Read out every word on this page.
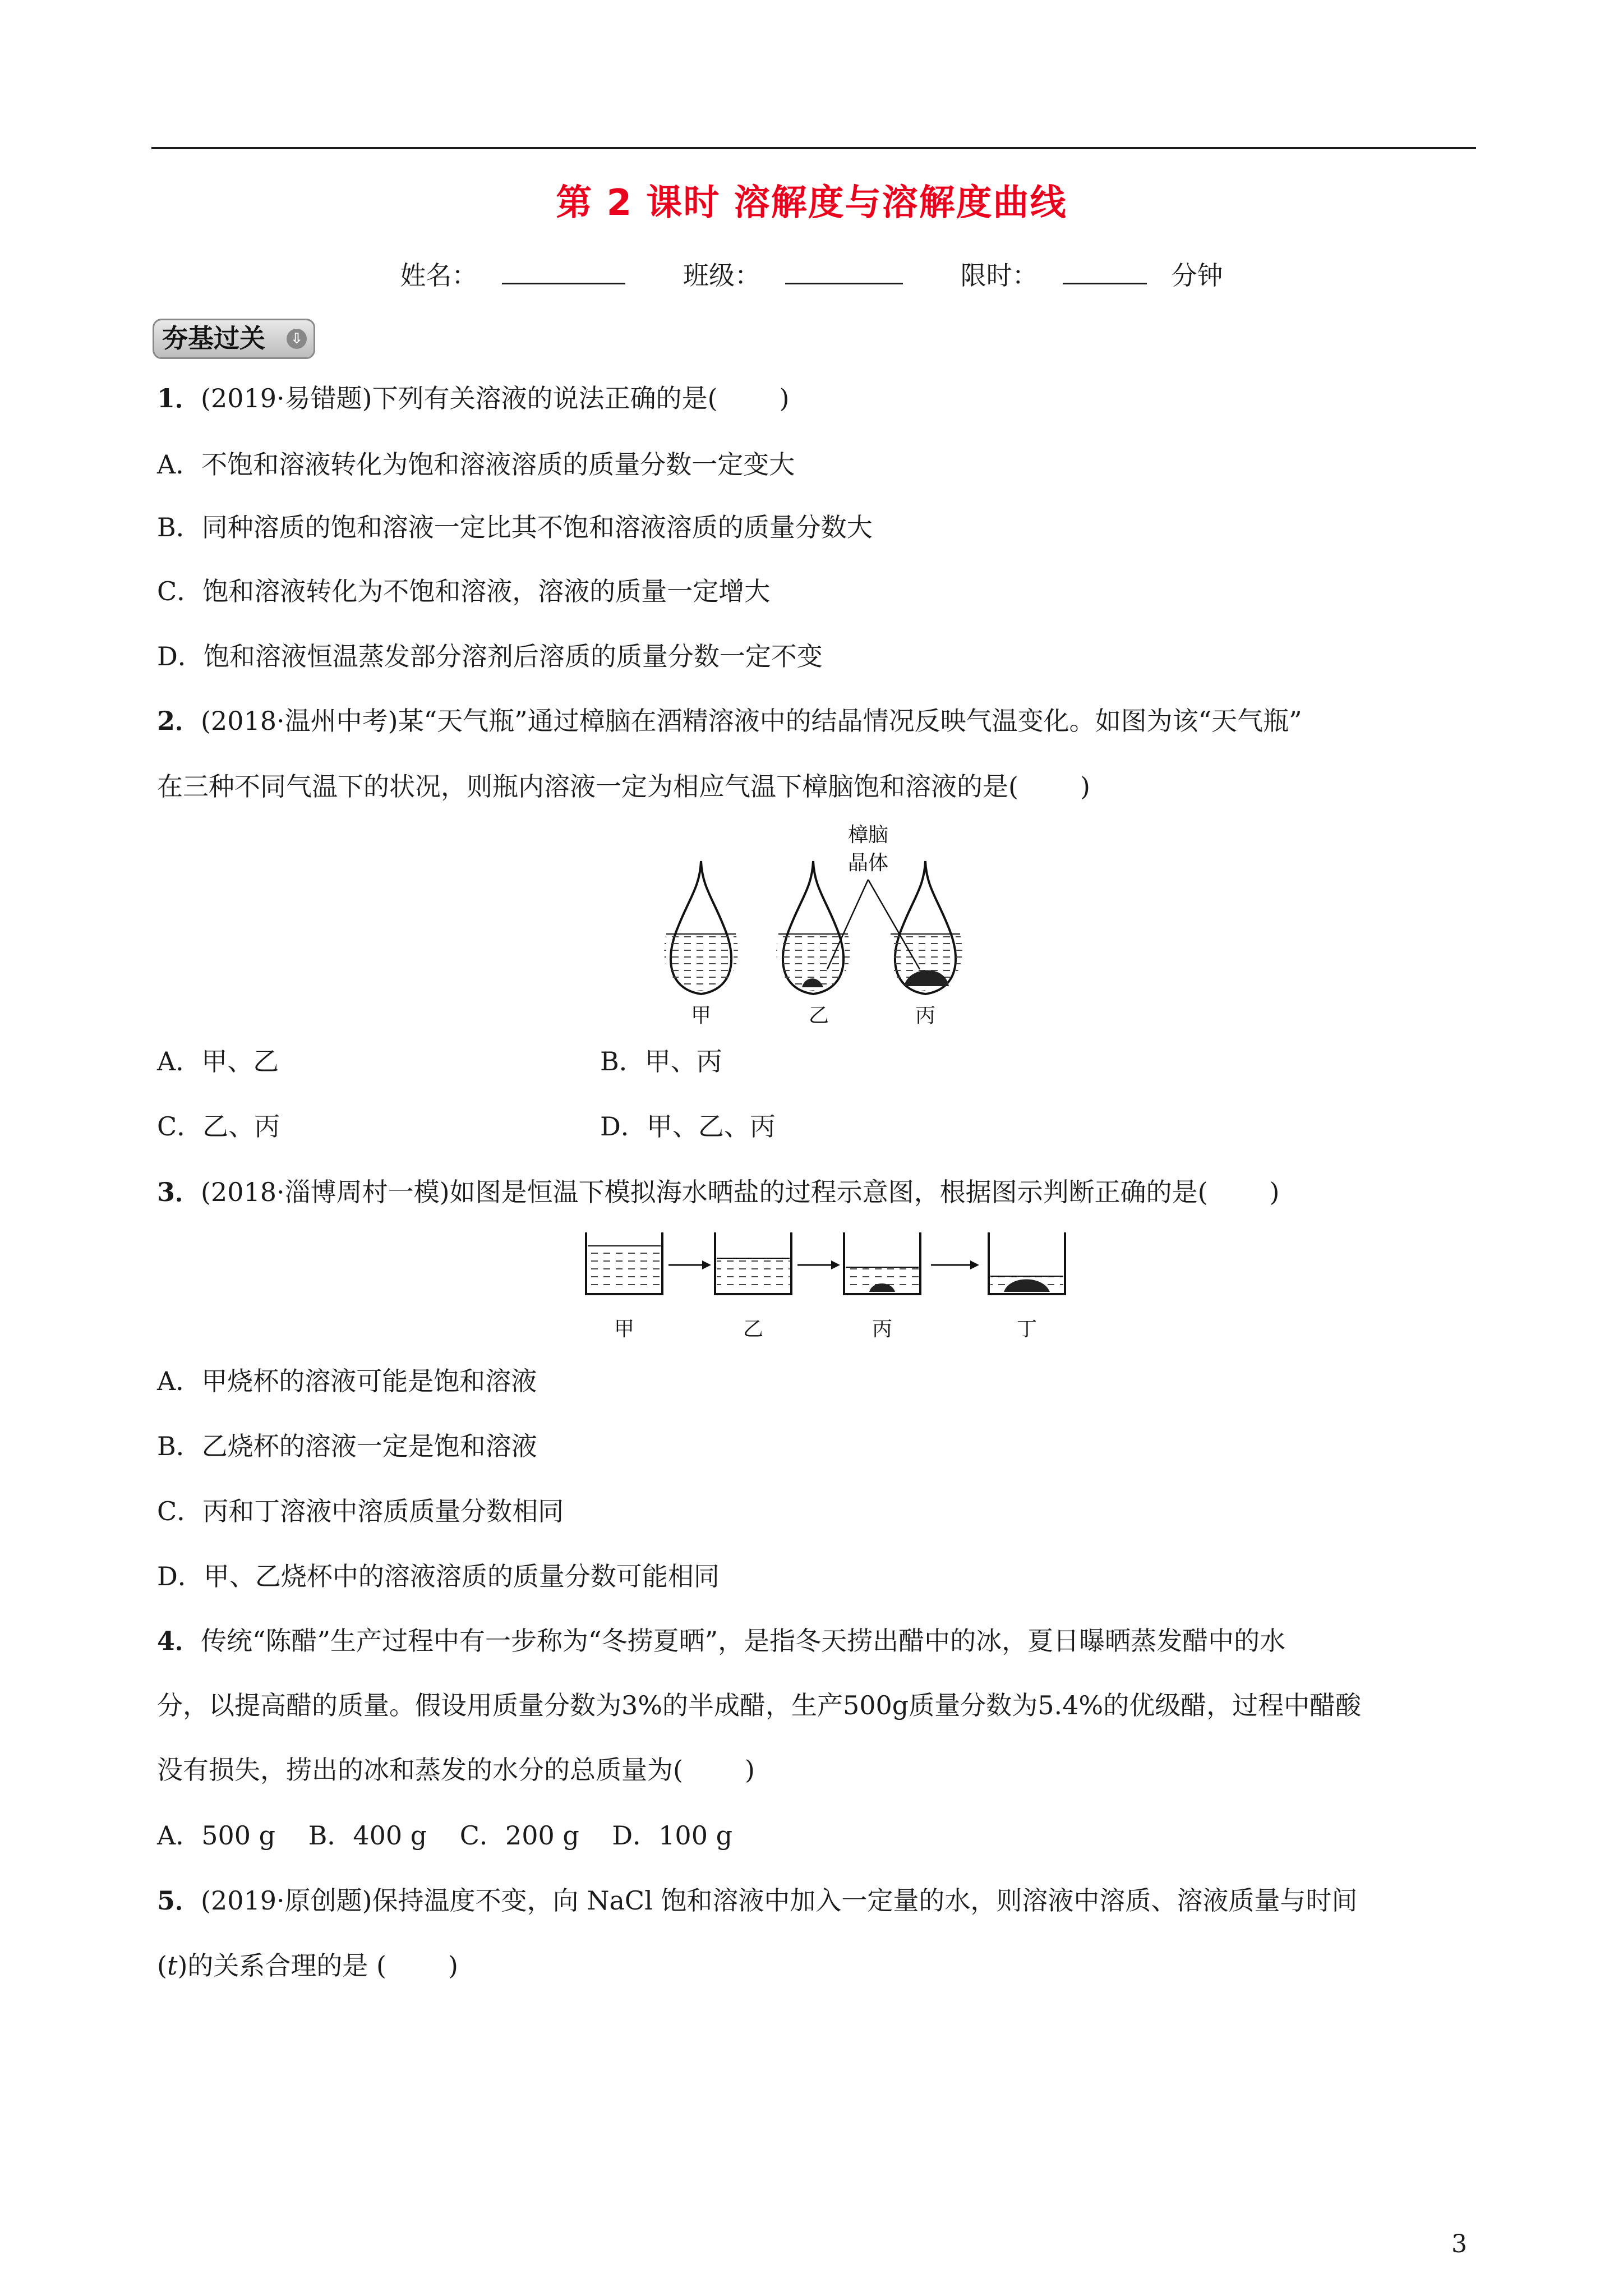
第 2 课时 溶解度与溶解度曲线
姓名：	班级：	限时：	分钟
夯基过关 ⇩
1．(2019·易错题)下列有关溶液的说法正确的是( )
A．不饱和溶液转化为饱和溶液溶质的质量分数一定变大
B．同种溶质的饱和溶液一定比其不饱和溶液溶质的质量分数大
C．饱和溶液转化为不饱和溶液，溶液的质量一定增大
D．饱和溶液恒温蒸发部分溶剂后溶质的质量分数一定不变
2．(2018·温州中考)某“天气瓶”通过樟脑在酒精溶液中的结晶情况反映气温变化。如图为该“天气瓶”
在三种不同气温下的状况，则瓶内溶液一定为相应气温下樟脑饱和溶液的是( )
樟脑
晶体
甲	乙	丙
A．甲、乙	B．甲、丙
C．乙、丙	D．甲、乙、丙
3．(2018·淄博周村一模)如图是恒温下模拟海水晒盐的过程示意图，根据图示判断正确的是( )
甲	乙	丙	丁
A．甲烧杯的溶液可能是饱和溶液
B．乙烧杯的溶液一定是饱和溶液
C．丙和丁溶液中溶质质量分数相同
D．甲、乙烧杯中的溶液溶质的质量分数可能相同
4．传统“陈醋”生产过程中有一步称为“冬捞夏晒”，是指冬天捞出醋中的冰，夏日曝晒蒸发醋中的水
分，以提高醋的质量。假设用质量分数为3%的半成醋，生产500g质量分数为5.4%的优级醋，过程中醋酸
没有损失，捞出的冰和蒸发的水分的总质量为( )
A．500 g    B．400 g    C．200 g    D．100 g
5．(2019·原创题)保持温度不变，向 NaCl 饱和溶液中加入一定量的水，则溶液中溶质、溶液质量与时间
(t)的关系合理的是 ( )
3
